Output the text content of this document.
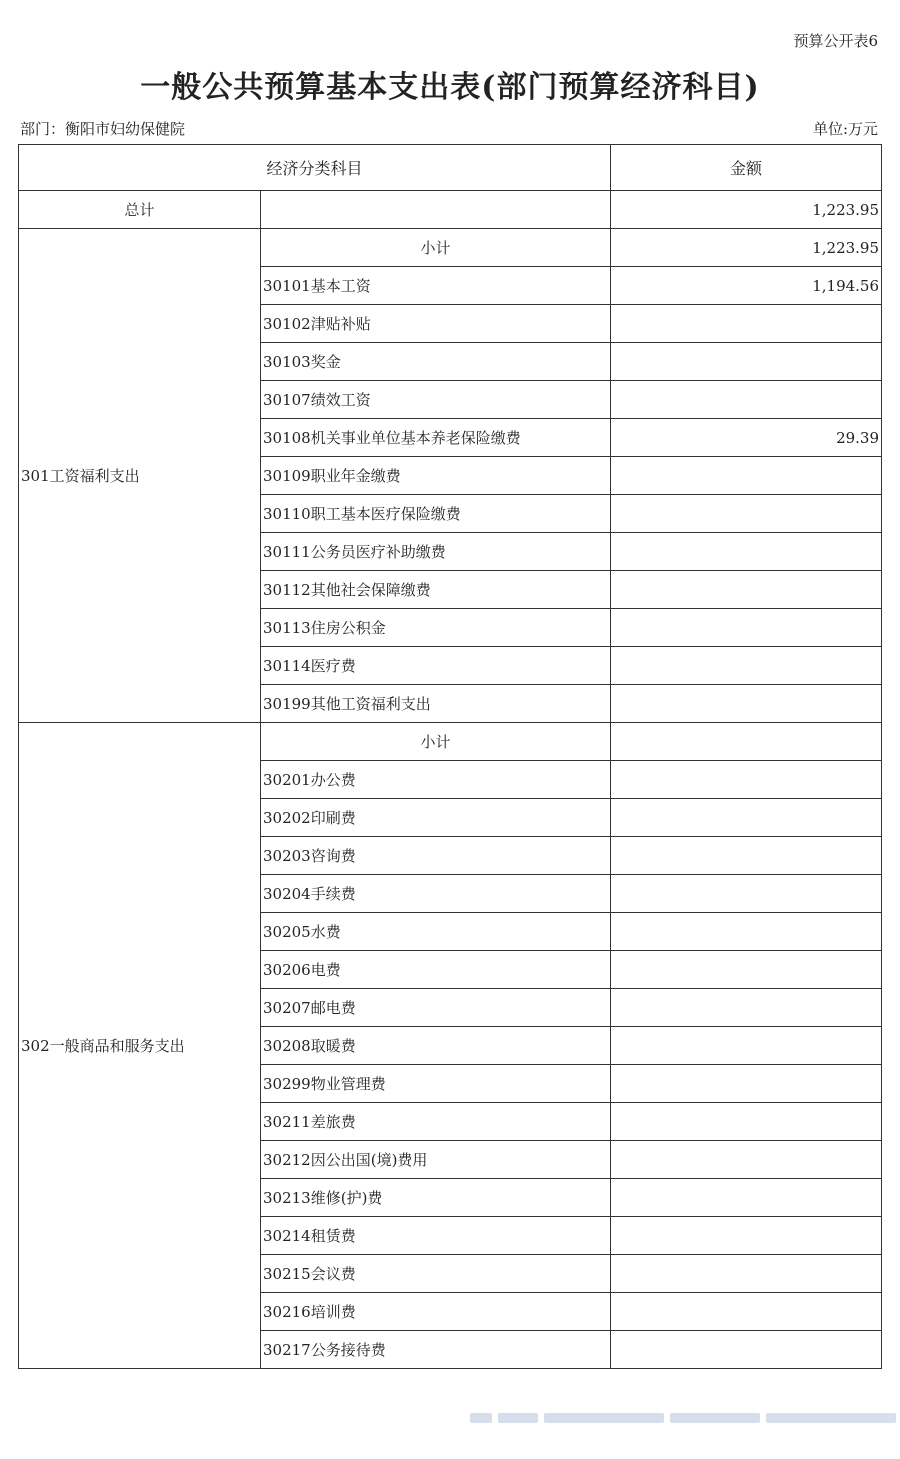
预算公开表6
一般公共预算基本支出表(部门预算经济科目)
部门：衡阳市妇幼保健院	单位:万元
经济分类科目		金额
总计		1,223.95
301工资福利支出	小计	1,223.95
	30101基本工资	1,194.56
	30102津贴补贴	
	30103奖金	
	30107绩效工资	
	30108机关事业单位基本养老保险缴费	29.39
	30109职业年金缴费	
	30110职工基本医疗保险缴费	
	30111公务员医疗补助缴费	
	30112其他社会保障缴费	
	30113住房公积金	
	30114医疗费	
	30199其他工资福利支出	
302一般商品和服务支出	小计	
	30201办公费	
	30202印刷费	
	30203咨询费	
	30204手续费	
	30205水费	
	30206电费	
	30207邮电费	
	30208取暖费	
	30299物业管理费	
	30211差旅费	
	30212因公出国(境)费用	
	30213维修(护)费	
	30214租赁费	
	30215会议费	
	30216培训费	
	30217公务接待费	
